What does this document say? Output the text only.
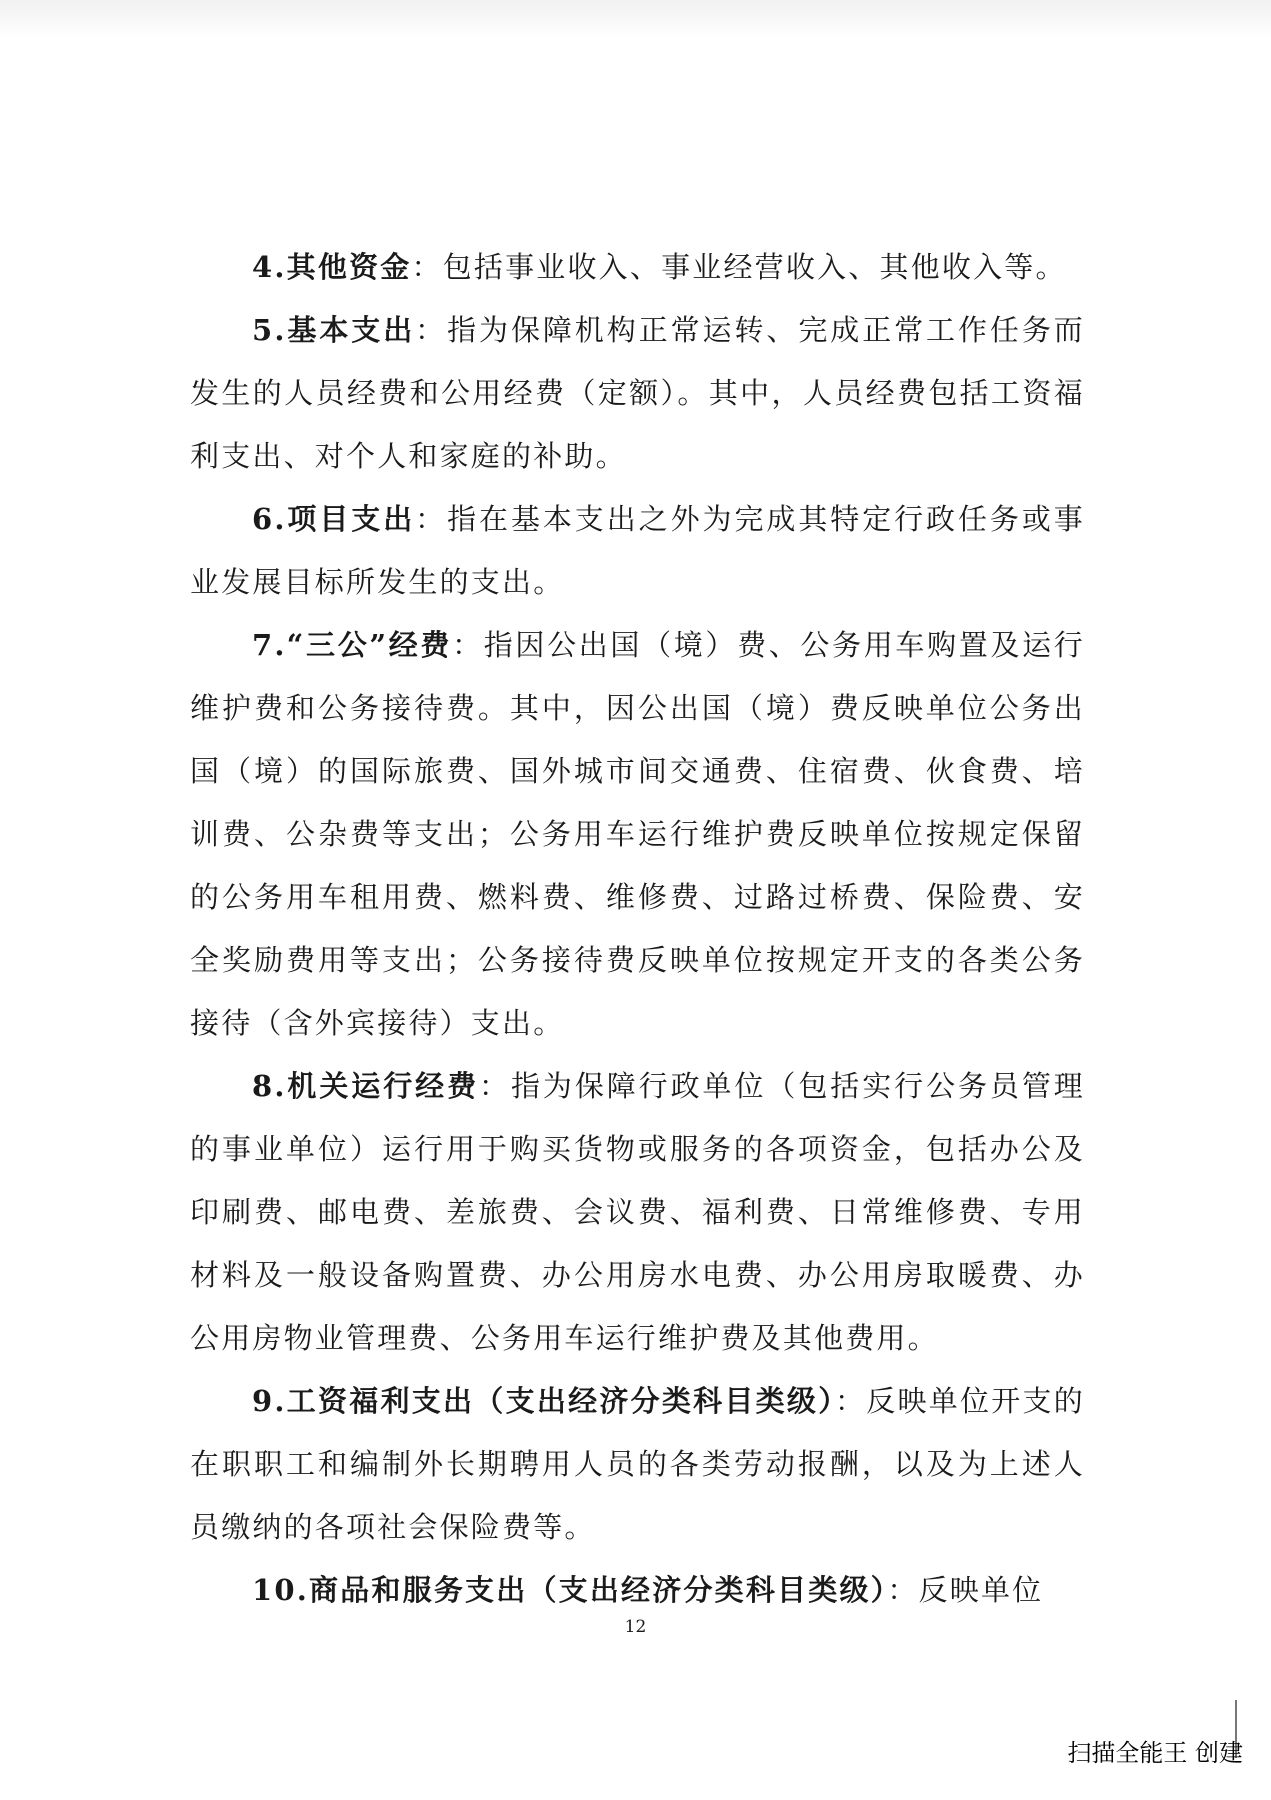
4.其他资金：包括事业收入、事业经营收入、其他收入等。

5.基本支出：指为保障机构正常运转、完成正常工作任务而发生的人员经费和公用经费（定额）。其中，人员经费包括工资福利支出、对个人和家庭的补助。

6.项目支出：指在基本支出之外为完成其特定行政任务或事业发展目标所发生的支出。

7.“三公”经费：指因公出国（境）费、公务用车购置及运行维护费和公务接待费。其中，因公出国（境）费反映单位公务出国（境）的国际旅费、国外城市间交通费、住宿费、伙食费、培训费、公杂费等支出；公务用车运行维护费反映单位按规定保留的公务用车租用费、燃料费、维修费、过路过桥费、保险费、安全奖励费用等支出；公务接待费反映单位按规定开支的各类公务接待（含外宾接待）支出。

8.机关运行经费：指为保障行政单位（包括实行公务员管理的事业单位）运行用于购买货物或服务的各项资金，包括办公及印刷费、邮电费、差旅费、会议费、福利费、日常维修费、专用材料及一般设备购置费、办公用房水电费、办公用房取暖费、办公用房物业管理费、公务用车运行维护费及其他费用。

9.工资福利支出（支出经济分类科目类级）：反映单位开支的在职职工和编制外长期聘用人员的各类劳动报酬，以及为上述人员缴纳的各项社会保险费等。

10.商品和服务支出（支出经济分类科目类级）：反映单位

12
扫描全能王 创建
